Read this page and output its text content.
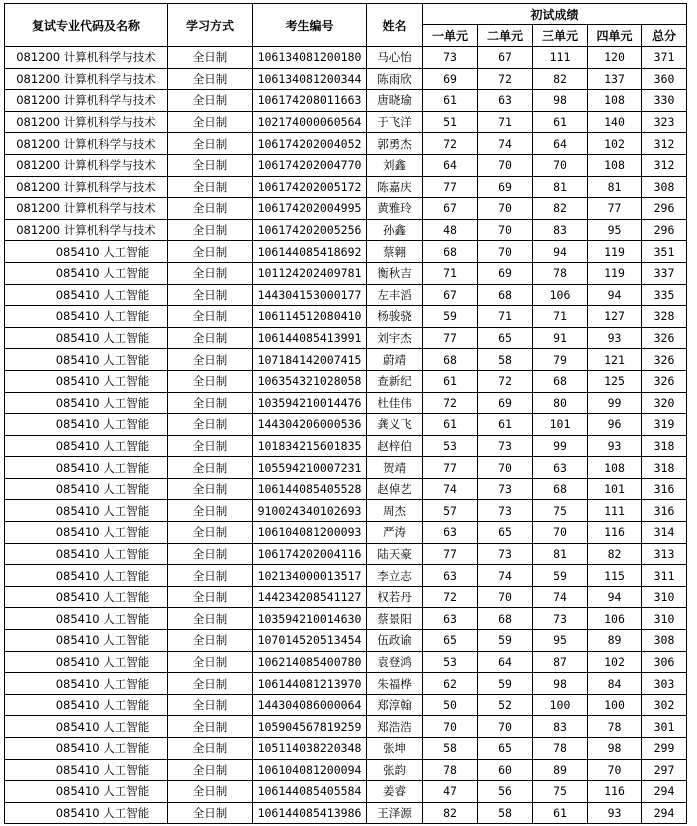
复试专业代码及名称	学习方式	考生编号	姓名	初试成绩				
				一单元	二单元	三单元	四单元	总分
081200 计算机科学与技术	全日制	106134081200180	马心怡	73	67	111	120	371
081200 计算机科学与技术	全日制	106134081200344	陈雨欣	69	72	82	137	360
081200 计算机科学与技术	全日制	106174208011663	唐晓瑜	61	63	98	108	330
081200 计算机科学与技术	全日制	102174000060564	于飞洋	51	71	61	140	323
081200 计算机科学与技术	全日制	106174202004052	郭勇杰	72	74	64	102	312
081200 计算机科学与技术	全日制	106174202004770	刘鑫	64	70	70	108	312
081200 计算机科学与技术	全日制	106174202005172	陈嘉庆	77	69	81	81	308
081200 计算机科学与技术	全日制	106174202004995	黄雅玲	67	70	82	77	296
081200 计算机科学与技术	全日制	106174202005256	孙鑫	48	70	83	95	296
085410 人工智能	全日制	106144085418692	蔡翱	68	70	94	119	351
085410 人工智能	全日制	101124202409781	衡秋吉	71	69	78	119	337
085410 人工智能	全日制	144304153000177	左丰滔	67	68	106	94	335
085410 人工智能	全日制	106114512080410	杨骏骁	59	71	71	127	328
085410 人工智能	全日制	106144085413991	刘宇杰	77	65	91	93	326
085410 人工智能	全日制	107184142007415	蔚靖	68	58	79	121	326
085410 人工智能	全日制	106354321028058	查新纪	61	72	68	125	326
085410 人工智能	全日制	103594210014476	杜佳伟	72	69	80	99	320
085410 人工智能	全日制	144304206000536	龚义飞	61	61	101	96	319
085410 人工智能	全日制	101834215601835	赵梓伯	53	73	99	93	318
085410 人工智能	全日制	105594210007231	贺靖	77	70	63	108	318
085410 人工智能	全日制	106144085405528	赵倬艺	74	73	68	101	316
085410 人工智能	全日制	910024340102693	周杰	57	73	75	111	316
085410 人工智能	全日制	106104081200093	严涛	63	65	70	116	314
085410 人工智能	全日制	106174202004116	陆天豪	77	73	81	82	313
085410 人工智能	全日制	102134000013517	李立志	63	74	59	115	311
085410 人工智能	全日制	144234208541127	权若丹	72	70	74	94	310
085410 人工智能	全日制	103594210014630	蔡景阳	63	68	73	106	310
085410 人工智能	全日制	107014520513454	伍政谕	65	59	95	89	308
085410 人工智能	全日制	106214085400780	袁登鸿	53	64	87	102	306
085410 人工智能	全日制	106144081213970	朱福桦	62	59	98	84	303
085410 人工智能	全日制	144304086000064	郑淳翰	50	52	100	100	302
085410 人工智能	全日制	105904567819259	郑浩浩	70	70	83	78	301
085410 人工智能	全日制	105114038220348	张坤	58	65	78	98	299
085410 人工智能	全日制	106104081200094	张韵	78	60	89	70	297
085410 人工智能	全日制	106144085405584	姜睿	47	56	75	116	294
085410 人工智能	全日制	106144085413986	王泽源	82	58	61	93	294
